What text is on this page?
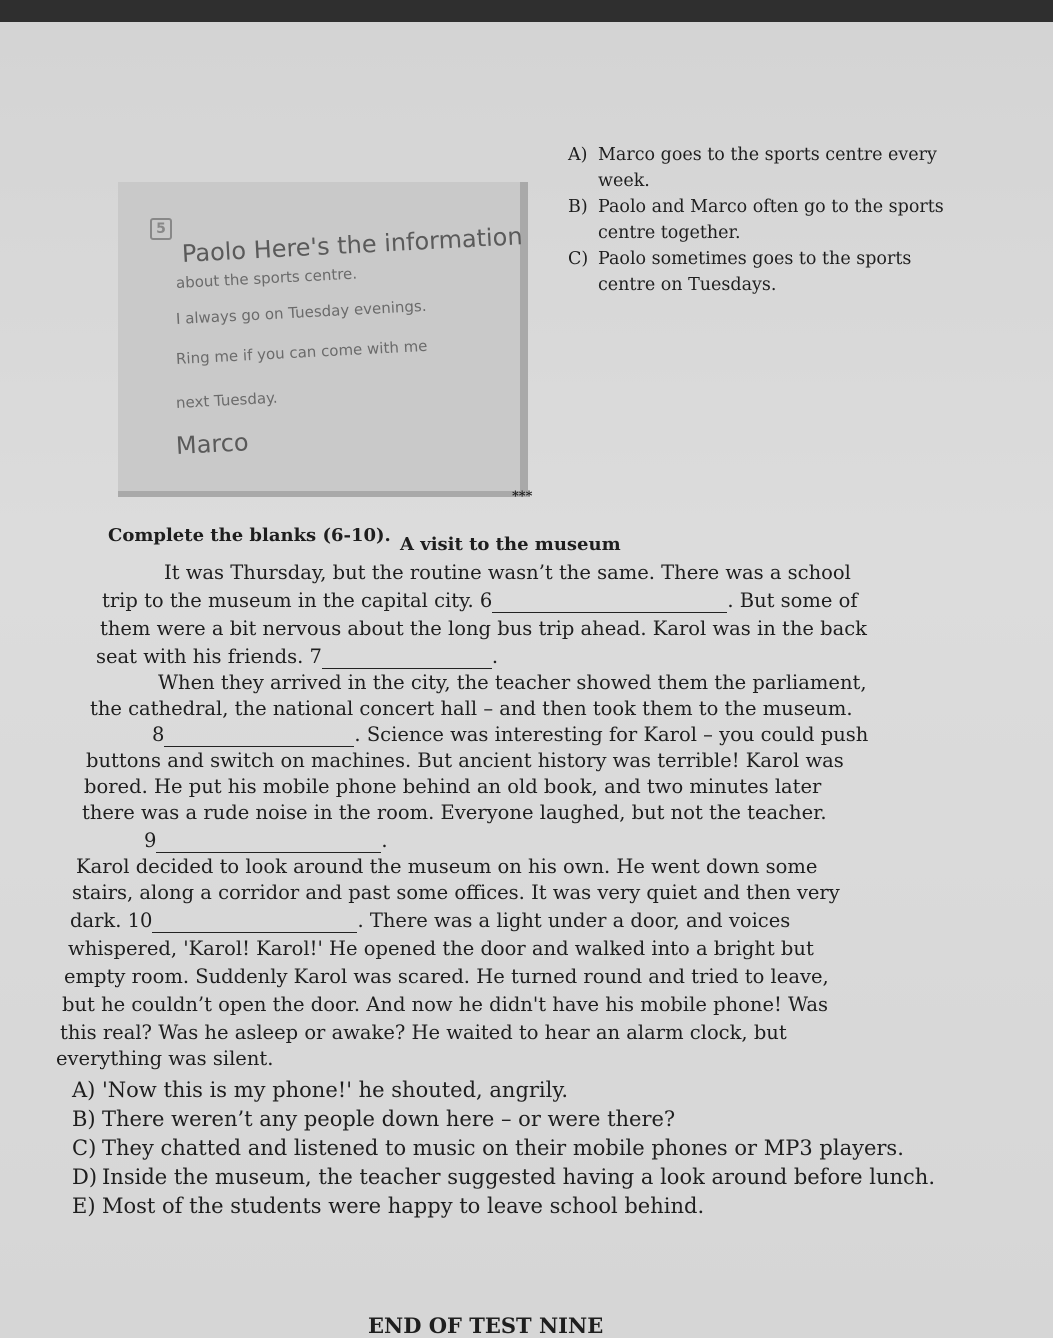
5 Paolo Here's the information
about the sports centre.
I always go on Tuesday evenings.
Ring me if you can come with me
next Tuesday.
Marco
A) Marco goes to the sports centre every week.
B) Paolo and Marco often go to the sports centre together.
C) Paolo sometimes goes to the sports centre on Tuesdays.
***
Complete the blanks (6-10). A visit to the museum
It was Thursday, but the routine wasn’t the same. There was a school
trip to the museum in the capital city. 6	. But some of
them were a bit nervous about the long bus trip ahead. Karol was in the back
seat with his friends. 7	.
When they arrived in the city, the teacher showed them the parliament,
the cathedral, the national concert hall – and then took them to the museum.
8	. Science was interesting for Karol – you could push
buttons and switch on machines. But ancient history was terrible! Karol was
bored. He put his mobile phone behind an old book, and two minutes later
there was a rude noise in the room. Everyone laughed, but not the teacher.
9	.
Karol decided to look around the museum on his own. He went down some
stairs, along a corridor and past some offices. It was very quiet and then very
dark. 10	. There was a light under a door, and voices
whispered, 'Karol! Karol!' He opened the door and walked into a bright but
empty room. Suddenly Karol was scared. He turned round and tried to leave,
but he couldn’t open the door. And now he didn't have his mobile phone! Was
this real? Was he asleep or awake? He waited to hear an alarm clock, but
everything was silent.
A) 'Now this is my phone!' he shouted, angrily.
B) There weren’t any people down here – or were there?
C) They chatted and listened to music on their mobile phones or MP3 players.
D) Inside the museum, the teacher suggested having a look around before lunch.
E) Most of the students were happy to leave school behind.
END OF TEST NINE
